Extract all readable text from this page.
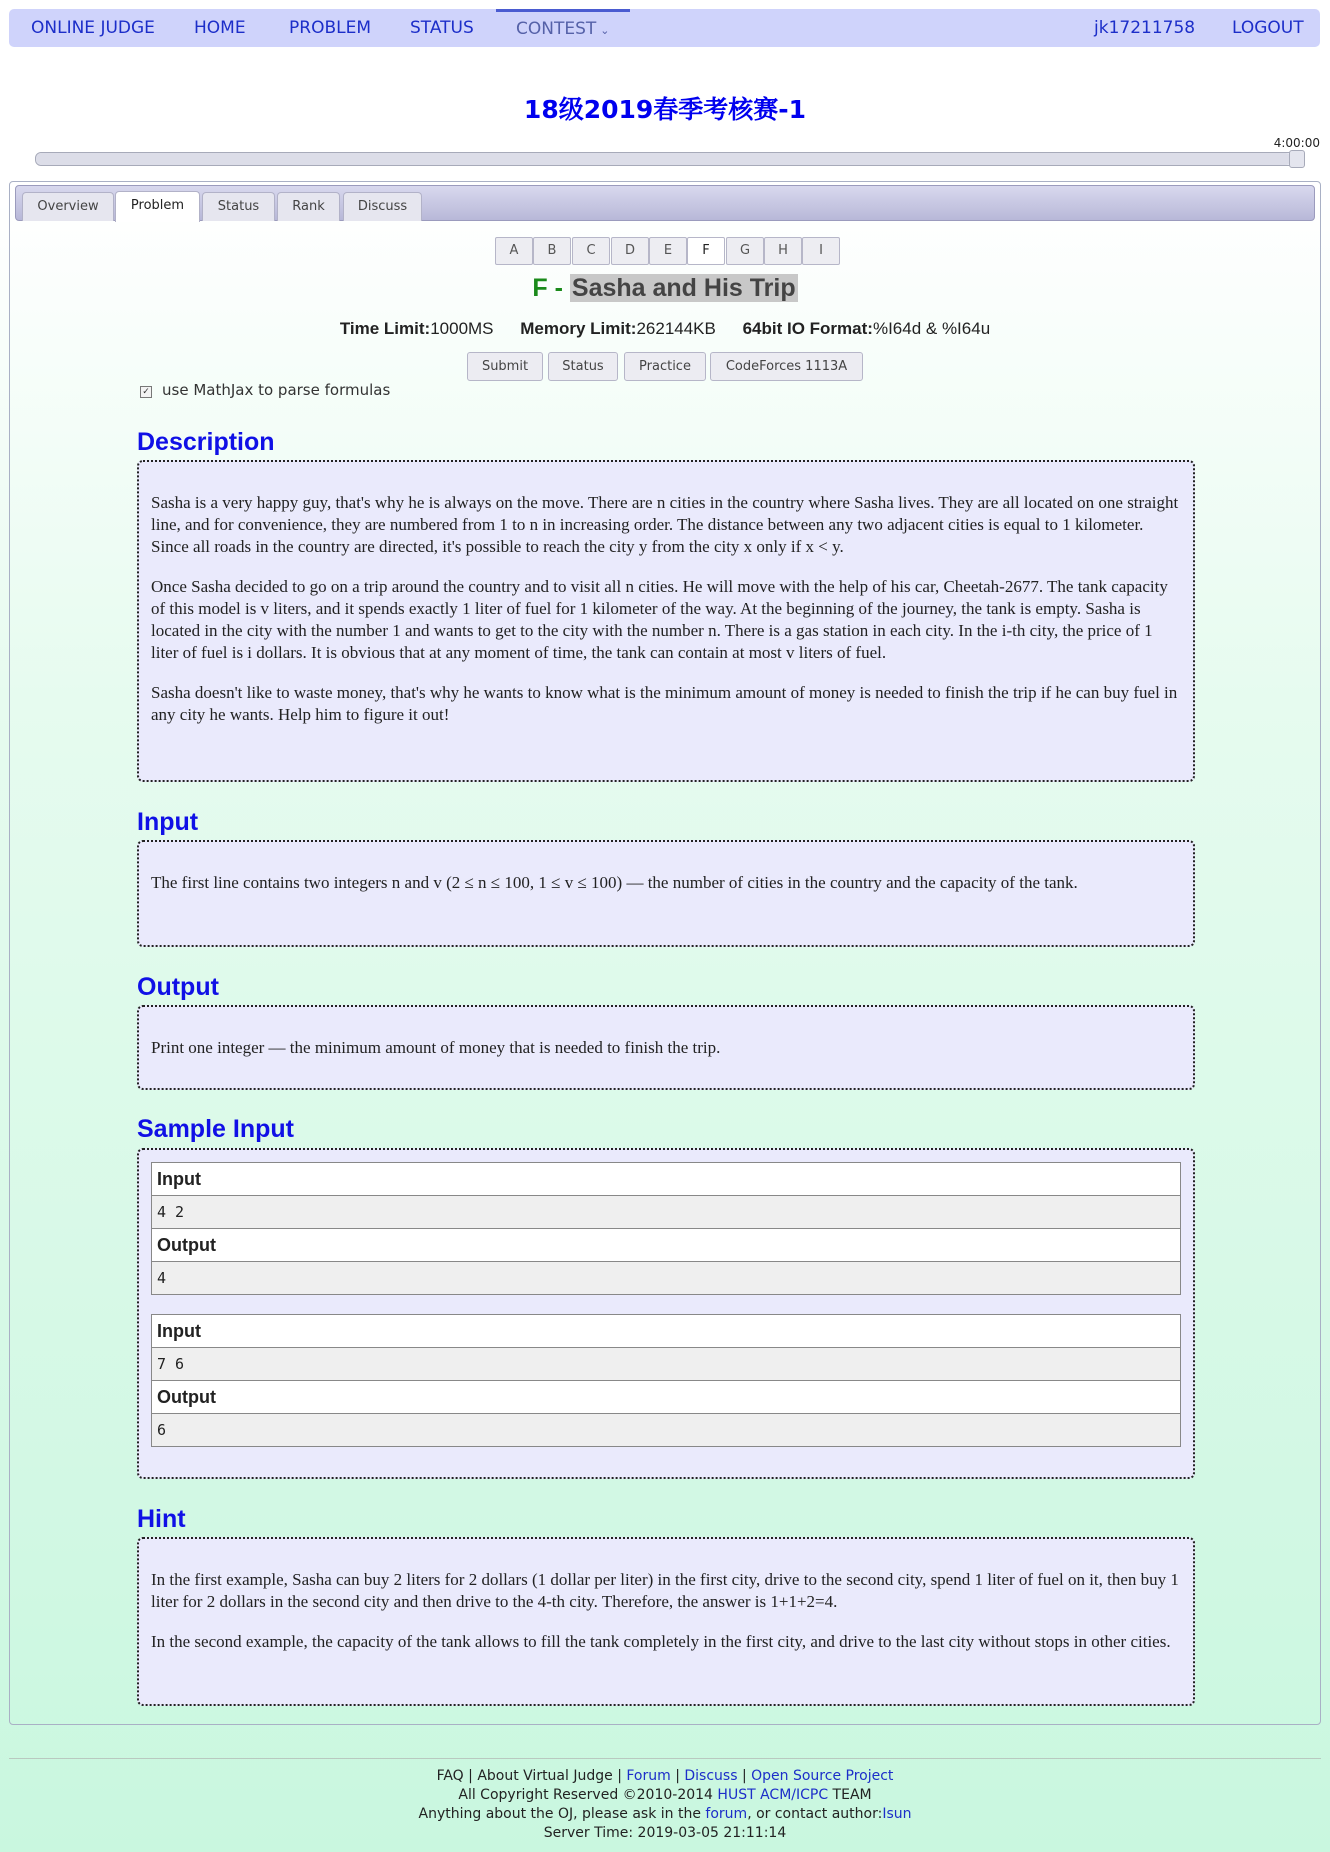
ONLINE JUDGE HOME	PROBLEM STATUS	CONTEST ⌄	jk17211758 LOGOUT
18级2019春季考核赛-1
4:00:00
Overview	Problem	Status	Rank	Discuss
A	B	C	D	E	F	G	H	I
F - Sasha and His Trip
Time Limit:1000MS Memory Limit:262144KB 64bit IO Format:%I64d & %I64u
Submit	Status	Practice	CodeForces 1113A
✓ use MathJax to parse formulas
Description

Sasha is a very happy guy, that's why he is always on the move. There are n cities in the country where Sasha lives. They are all located on one straight line, and for convenience, they are numbered from 1 to n in increasing order. The distance between any two adjacent cities is equal to 1 kilometer. Since all roads in the country are directed, it's possible to reach the city y from the city x only if x < y.

Once Sasha decided to go on a trip around the country and to visit all n cities. He will move with the help of his car, Cheetah-2677. The tank capacity of this model is v liters, and it spends exactly 1 liter of fuel for 1 kilometer of the way. At the beginning of the journey, the tank is empty. Sasha is located in the city with the number 1 and wants to get to the city with the number n. There is a gas station in each city. In the i-th city, the price of 1 liter of fuel is i dollars. It is obvious that at any moment of time, the tank can contain at most v liters of fuel.

Sasha doesn't like to waste money, that's why he wants to know what is the minimum amount of money is needed to finish the trip if he can buy fuel in any city he wants. Help him to figure it out!

Input

The first line contains two integers n and v (2 ≤ n ≤ 100, 1 ≤ v ≤ 100) — the number of cities in the country and the capacity of the tank.

Output

Print one integer — the minimum amount of money that is needed to finish the trip.

Sample Input
Input
4 2
Output
4
Input
7 6
Output
6
Hint

In the first example, Sasha can buy 2 liters for 2 dollars (1 dollar per liter) in the first city, drive to the second city, spend 1 liter of fuel on it, then buy 1 liter for 2 dollars in the second city and then drive to the 4-th city. Therefore, the answer is 1+1+2=4.

In the second example, the capacity of the tank allows to fill the tank completely in the first city, and drive to the last city without stops in other cities.

FAQ | About Virtual Judge | Forum | Discuss | Open Source Project
All Copyright Reserved ©2010-2014 HUST ACM/ICPC TEAM
Anything about the OJ, please ask in the forum, or contact author:Isun
Server Time: 2019-03-05 21:11:14
